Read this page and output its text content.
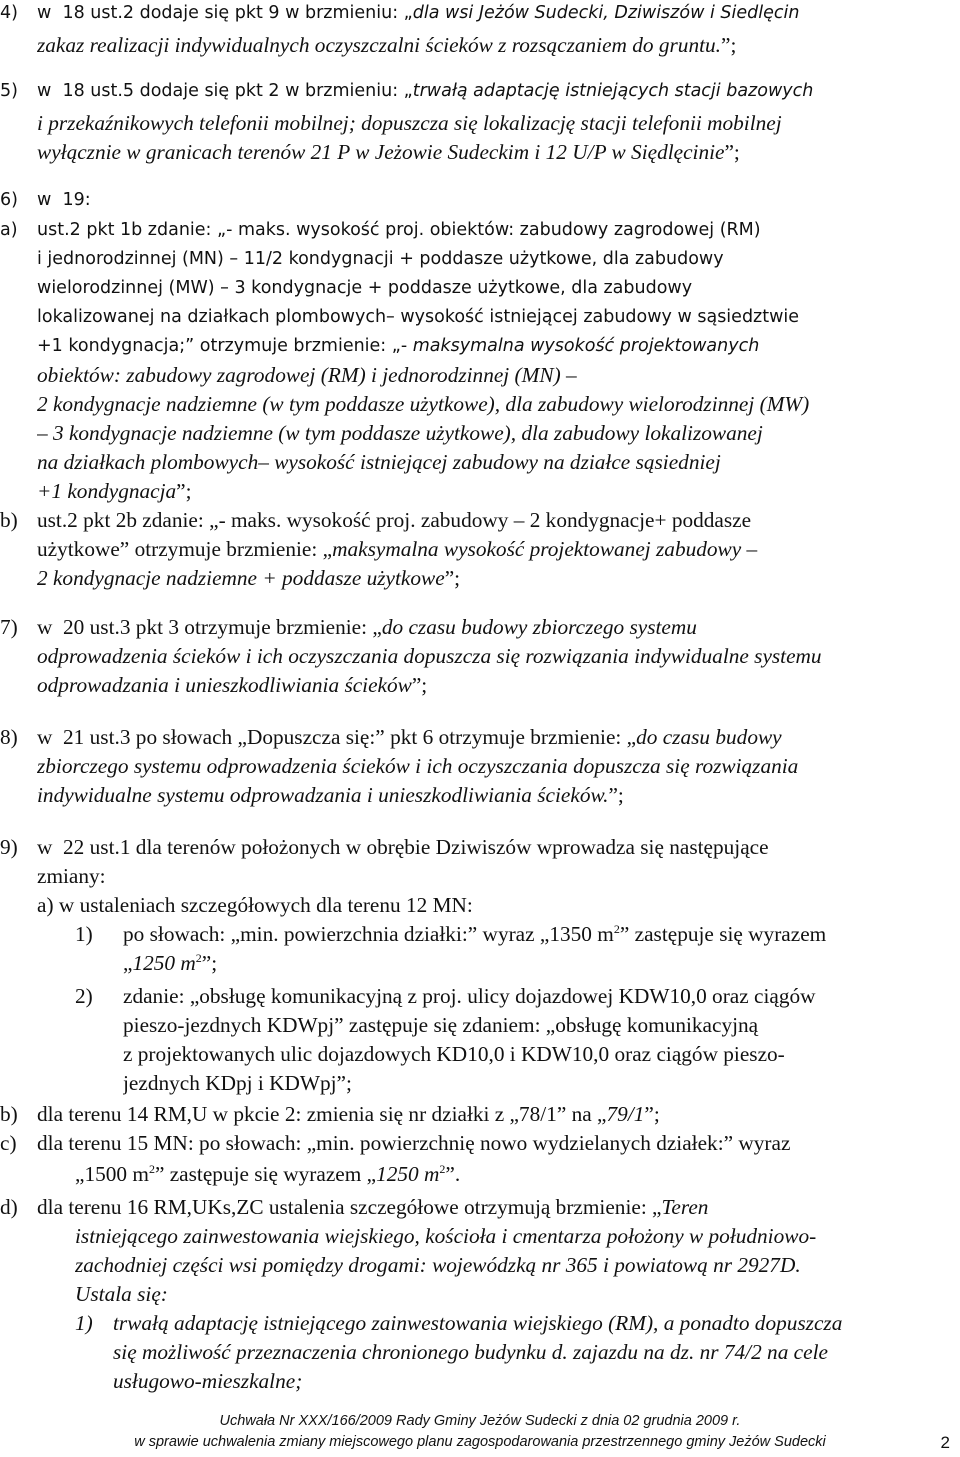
4)	w  18 ust.2 dodaje się pkt 9 w brzmieniu: „dla wsi Jeżów Sudecki, Dziwiszów i Siedlęcin
zakaz realizacji indywidualnych oczyszczalni ścieków z rozsączaniem do gruntu.”;
5)	w  18 ust.5 dodaje się pkt 2 w brzmieniu: „trwałą adaptację istniejących stacji bazowych
i przekaźnikowych telefonii mobilnej; dopuszcza się lokalizację stacji telefonii mobilnej
wyłącznie w granicach terenów 21 P w Jeżowie Sudeckim i 12 U/P w Siędlęcinie”;
6)	w  19:
a)	ust.2 pkt 1b zdanie: „- maks. wysokość proj. obiektów: zabudowy zagrodowej (RM)
i jednorodzinnej (MN) – 11/2 kondygnacji + poddasze użytkowe, dla zabudowy
wielorodzinnej (MW) – 3 kondygnacje + poddasze użytkowe, dla zabudowy
lokalizowanej na działkach plombowych– wysokość istniejącej zabudowy w sąsiedztwie
+1 kondygnacja;” otrzymuje brzmienie: „- maksymalna wysokość projektowanych
obiektów: zabudowy zagrodowej (RM) i jednorodzinnej (MN) –
2 kondygnacje nadziemne (w tym poddasze użytkowe), dla zabudowy wielorodzinnej (MW)
– 3 kondygnacje nadziemne (w tym poddasze użytkowe), dla zabudowy lokalizowanej
na działkach plombowych– wysokość istniejącej zabudowy na działce sąsiedniej
+1 kondygnacja”;
b) ust.2 pkt 2b zdanie: „- maks. wysokość proj. zabudowy – 2 kondygnacje+ poddasze
użytkowe” otrzymuje brzmienie: „maksymalna wysokość projektowanej zabudowy –
2 kondygnacje nadziemne + poddasze użytkowe”;
7) w  20 ust.3 pkt 3 otrzymuje brzmienie: „do czasu budowy zbiorczego systemu
odprowadzenia ścieków i ich oczyszczania dopuszcza się rozwiązania indywidualne systemu
odprowadzania i unieszkodliwiania ścieków”;
8) w  21 ust.3 po słowach „Dopuszcza się:” pkt 6 otrzymuje brzmienie: „do czasu budowy
zbiorczego systemu odprowadzenia ścieków i ich oczyszczania dopuszcza się rozwiązania
indywidualne systemu odprowadzania i unieszkodliwiania ścieków.”;
9) w  22 ust.1 dla terenów położonych w obrębie Dziwiszów wprowadza się następujące
zmiany:
a) w ustaleniach szczegółowych dla terenu 12 MN:
1)	po słowach: „min. powierzchnia działki:” wyraz „1350 $m^2$” zastępuje się wyrazem
„1250 $m^2$”;
2)	zdanie: „obsługę komunikacyjną z proj. ulicy dojazdowej KDW10,0 oraz ciągów
pieszo-jezdnych KDWpj” zastępuje się zdaniem: „obsługę komunikacyjną
z projektowanych ulic dojazdowych KD10,0 i KDW10,0 oraz ciągów pieszo-
jezdnych KDpj i KDWpj”;
b) dla terenu 14 RM,U w pkcie 2: zmienia się nr działki z „78/1” na „79/1”;
c) dla terenu 15 MN: po słowach: „min. powierzchnię nowo wydzielanych działek:” wyraz
„1500 $m^2$” zastępuje się wyrazem „1250 $m^2$”.
d) dla terenu 16 RM,UKs,ZC ustalenia szczegółowe otrzymują brzmienie: „Teren
istniejącego zainwestowania wiejskiego, kościoła i cmentarza położony w południowo-
zachodniej części wsi pomiędzy drogami: wojewódzką nr 365 i powiatową nr 2927D.
Ustala się:
1) trwałą adaptację istniejącego zainwestowania wiejskiego (RM), a ponadto dopuszcza
się możliwość przeznaczenia chronionego budynku d. zajazdu na dz. nr 74/2 na cele
usługowo-mieszkalne;
Uchwała Nr XXX/166/2009 Rady Gminy Jeżów Sudecki z dnia 02 grudnia 2009 r.
w sprawie uchwalenia zmiany miejscowego planu zagospodarowania przestrzennego gminy Jeżów Sudecki	2
